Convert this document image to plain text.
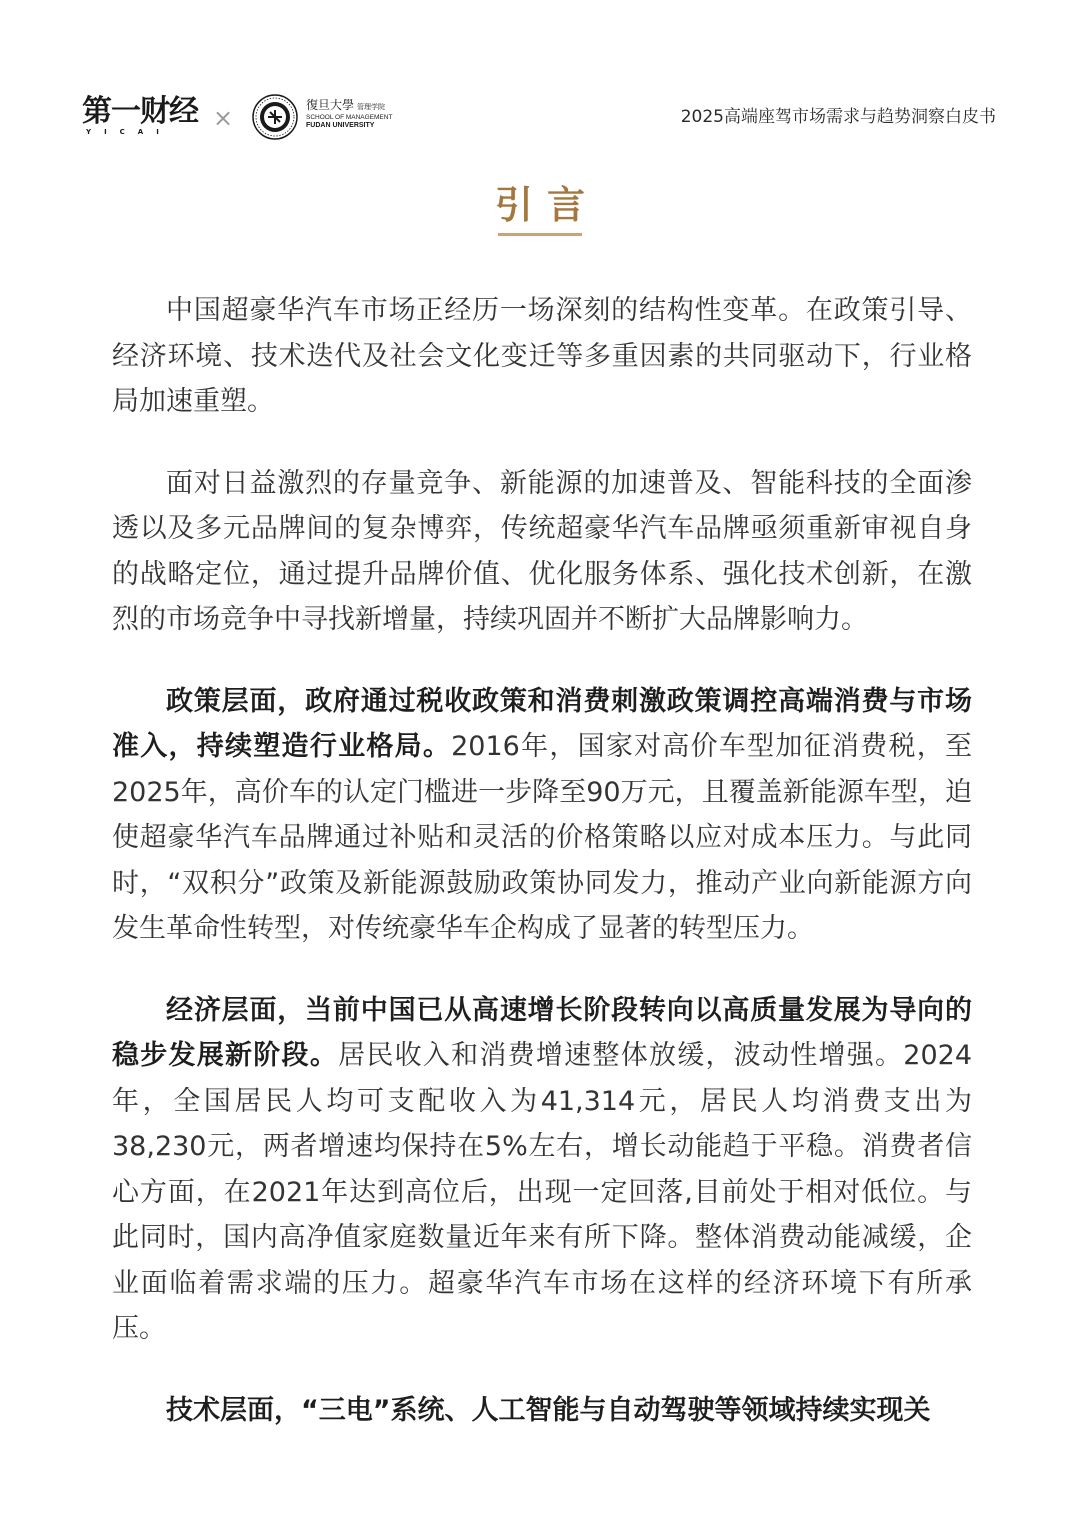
第一财经
YICAI	×	復旦大學 管理学院
SCHOOL OF MANAGEMENT
FUDAN UNIVERSITY	2025高端座驾市场需求与趋势洞察白皮书
引言

中国超豪华汽车市场正经历一场深刻的结构性变革。在政策引导、经济环境、技术迭代及社会文化变迁等多重因素的共同驱动下，行业格局加速重塑。

面对日益激烈的存量竞争、新能源的加速普及、智能科技的全面渗透以及多元品牌间的复杂博弈，传统超豪华汽车品牌亟须重新审视自身的战略定位，通过提升品牌价值、优化服务体系、强化技术创新，在激烈的市场竞争中寻找新增量，持续巩固并不断扩大品牌影响力。

政策层面，政府通过税收政策和消费刺激政策调控高端消费与市场准入，持续塑造行业格局。2016年，国家对高价车型加征消费税，至2025年，高价车的认定门槛进一步降至90万元，且覆盖新能源车型，迫使超豪华汽车品牌通过补贴和灵活的价格策略以应对成本压力。与此同时，“双积分”政策及新能源鼓励政策协同发力，推动产业向新能源方向发生革命性转型，对传统豪华车企构成了显著的转型压力。

经济层面，当前中国已从高速增长阶段转向以高质量发展为导向的稳步发展新阶段。居民收入和消费增速整体放缓，波动性增强。2024年，全国居民人均可支配收入为41,314元，居民人均消费支出为38,230元，两者增速均保持在5%左右，增长动能趋于平稳。消费者信心方面，在2021年达到高位后，出现一定回落,目前处于相对低位。与此同时，国内高净值家庭数量近年来有所下降。整体消费动能减缓，企业面临着需求端的压力。超豪华汽车市场在这样的经济环境下有所承压。

技术层面，“三电”系统、人工智能与自动驾驶等领域持续实现关
